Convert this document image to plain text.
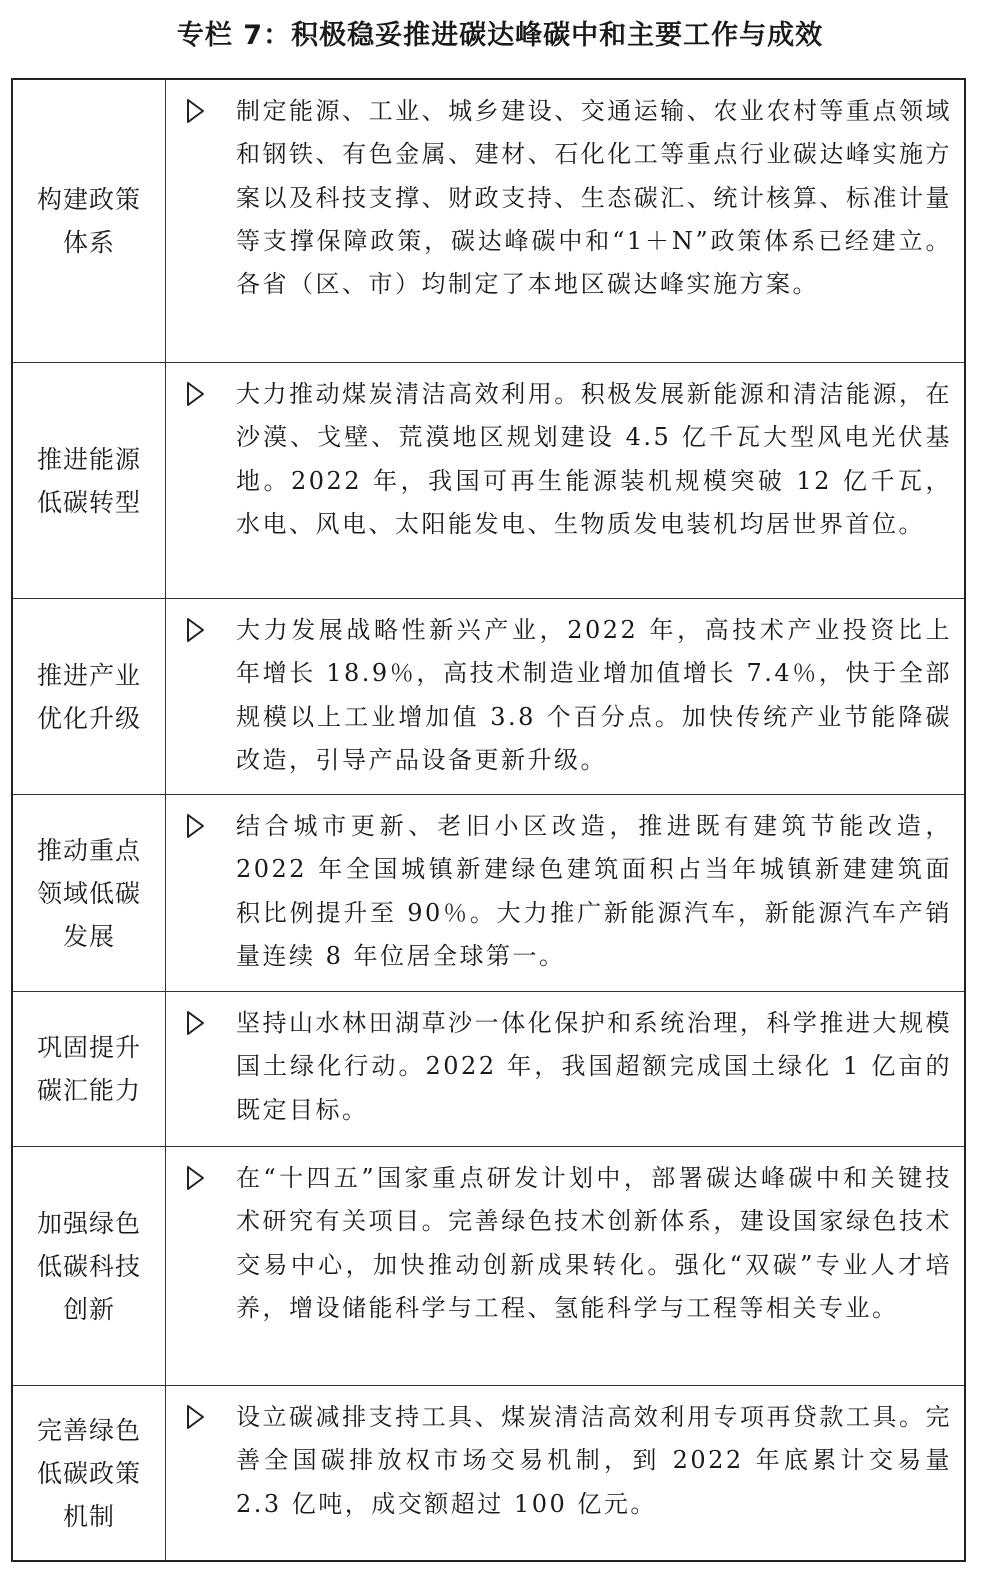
专栏 7：积极稳妥推进碳达峰碳中和主要工作与成效
构建政策体系
制定能源、工业、城乡建设、交通运输、农业农村等重点领域和钢铁、有色金属、建材、石化化工等重点行业碳达峰实施方案以及科技支撑、财政支持、生态碳汇、统计核算、标准计量等支撑保障政策，碳达峰碳中和“1＋N”政策体系已经建立。各省（区、市）均制定了本地区碳达峰实施方案。
推进能源低碳转型
大力推动煤炭清洁高效利用。积极发展新能源和清洁能源，在沙漠、戈壁、荒漠地区规划建设 4.5 亿千瓦大型风电光伏基地。2022 年，我国可再生能源装机规模突破 12 亿千瓦，水电、风电、太阳能发电、生物质发电装机均居世界首位。
推进产业优化升级
大力发展战略性新兴产业，2022 年，高技术产业投资比上年增长 18.9％，高技术制造业增加值增长 7.4％，快于全部规模以上工业增加值 3.8 个百分点。加快传统产业节能降碳改造，引导产品设备更新升级。
推动重点领域低碳发展
结合城市更新、老旧小区改造，推进既有建筑节能改造，2022 年全国城镇新建绿色建筑面积占当年城镇新建建筑面积比例提升至 90％。大力推广新能源汽车，新能源汽车产销量连续 8 年位居全球第一。
巩固提升碳汇能力
坚持山水林田湖草沙一体化保护和系统治理，科学推进大规模国土绿化行动。2022 年，我国超额完成国土绿化 1 亿亩的既定目标。
加强绿色低碳科技创新
在“十四五”国家重点研发计划中，部署碳达峰碳中和关键技术研究有关项目。完善绿色技术创新体系，建设国家绿色技术交易中心，加快推动创新成果转化。强化“双碳”专业人才培养，增设储能科学与工程、氢能科学与工程等相关专业。
完善绿色低碳政策机制
设立碳减排支持工具、煤炭清洁高效利用专项再贷款工具。完善全国碳排放权市场交易机制，到 2022 年底累计交易量 2.3 亿吨，成交额超过 100 亿元。
